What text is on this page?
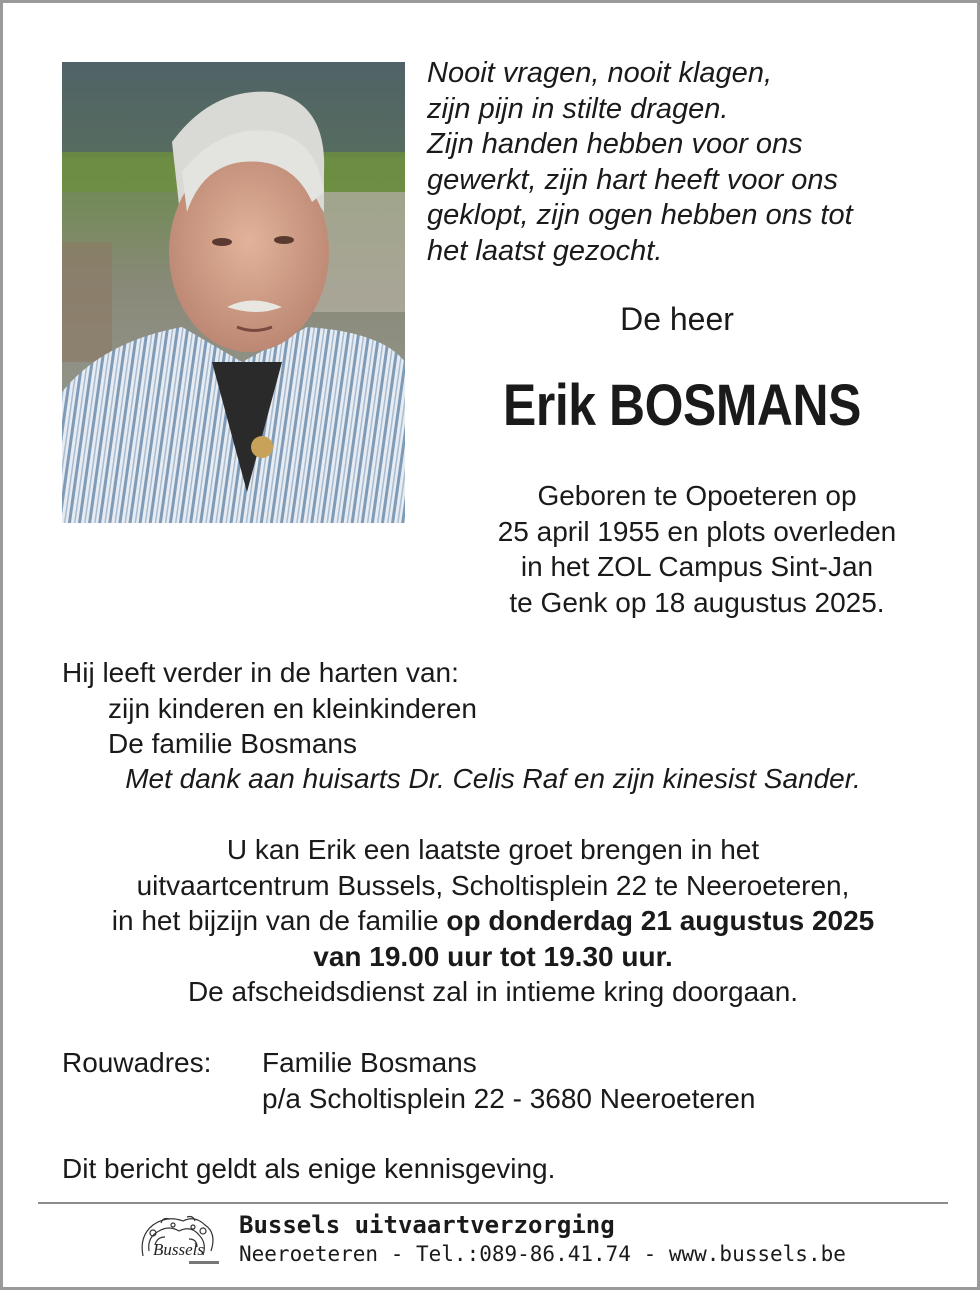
Nooit vragen, nooit klagen,
zijn pijn in stilte dragen.
Zijn handen hebben voor ons
gewerkt, zijn hart heeft voor ons
geklopt, zijn ogen hebben ons tot
het laatst gezocht.
De heer
Erik BOSMANS
Geboren te Opoeteren op
25 april 1955 en plots overleden
in het ZOL Campus Sint-Jan
te Genk op 18 augustus 2025.
Hij leeft verder in de harten van:
zijn kinderen en kleinkinderen
De familie Bosmans
Met dank aan huisarts Dr. Celis Raf en zijn kinesist Sander.
U kan Erik een laatste groet brengen in het
uitvaartcentrum Bussels, Scholtisplein 22 te Neeroeteren,
in het bijzijn van de familie op donderdag 21 augustus 2025
van 19.00 uur tot 19.30 uur.
De afscheidsdienst zal in intieme kring doorgaan.
Rouwadres:	Familie Bosmans
p/a Scholtisplein 22 - 3680 Neeroeteren
Dit bericht geldt als enige kennisgeving.
Bussels
Bussels uitvaartverzorging
Neeroeteren - Tel.:089-86.41.74 - www.bussels.be
